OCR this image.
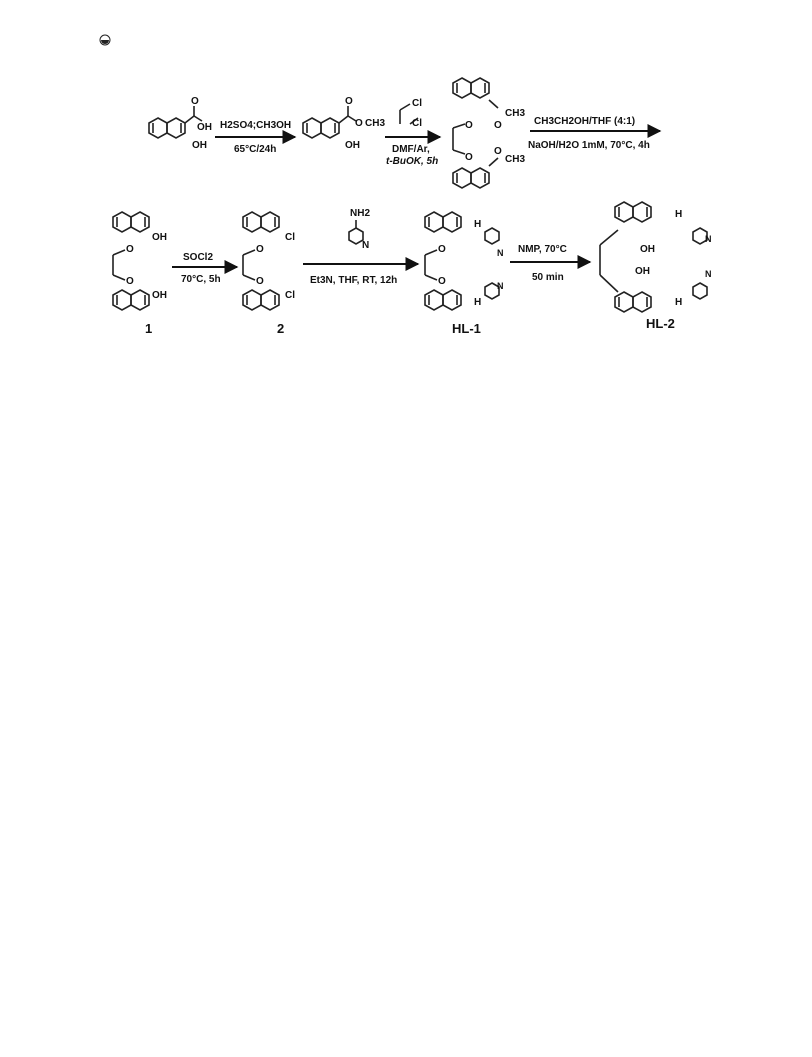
OH
OH
O
H2SO4;CH3OH
65°C/24h
O
O CH3
OH
Cl
Cl
DMF/Ar,
t-BuOK, 5h
O
O
O
CH3
O
CH3
CH3CH2OH/THF (4:1)
NaOH/H2O 1mM, 70°C, 4h
O
O
OH
OH
1
SOCl2
70°C, 5h
O
O
Cl
Cl
2
NH2
N
Et3N, THF, RT, 12h
O
O
H
N
N
H
HL-1
NMP, 70°C
50 min
OH
OH
H
N
N
H
HL-2
